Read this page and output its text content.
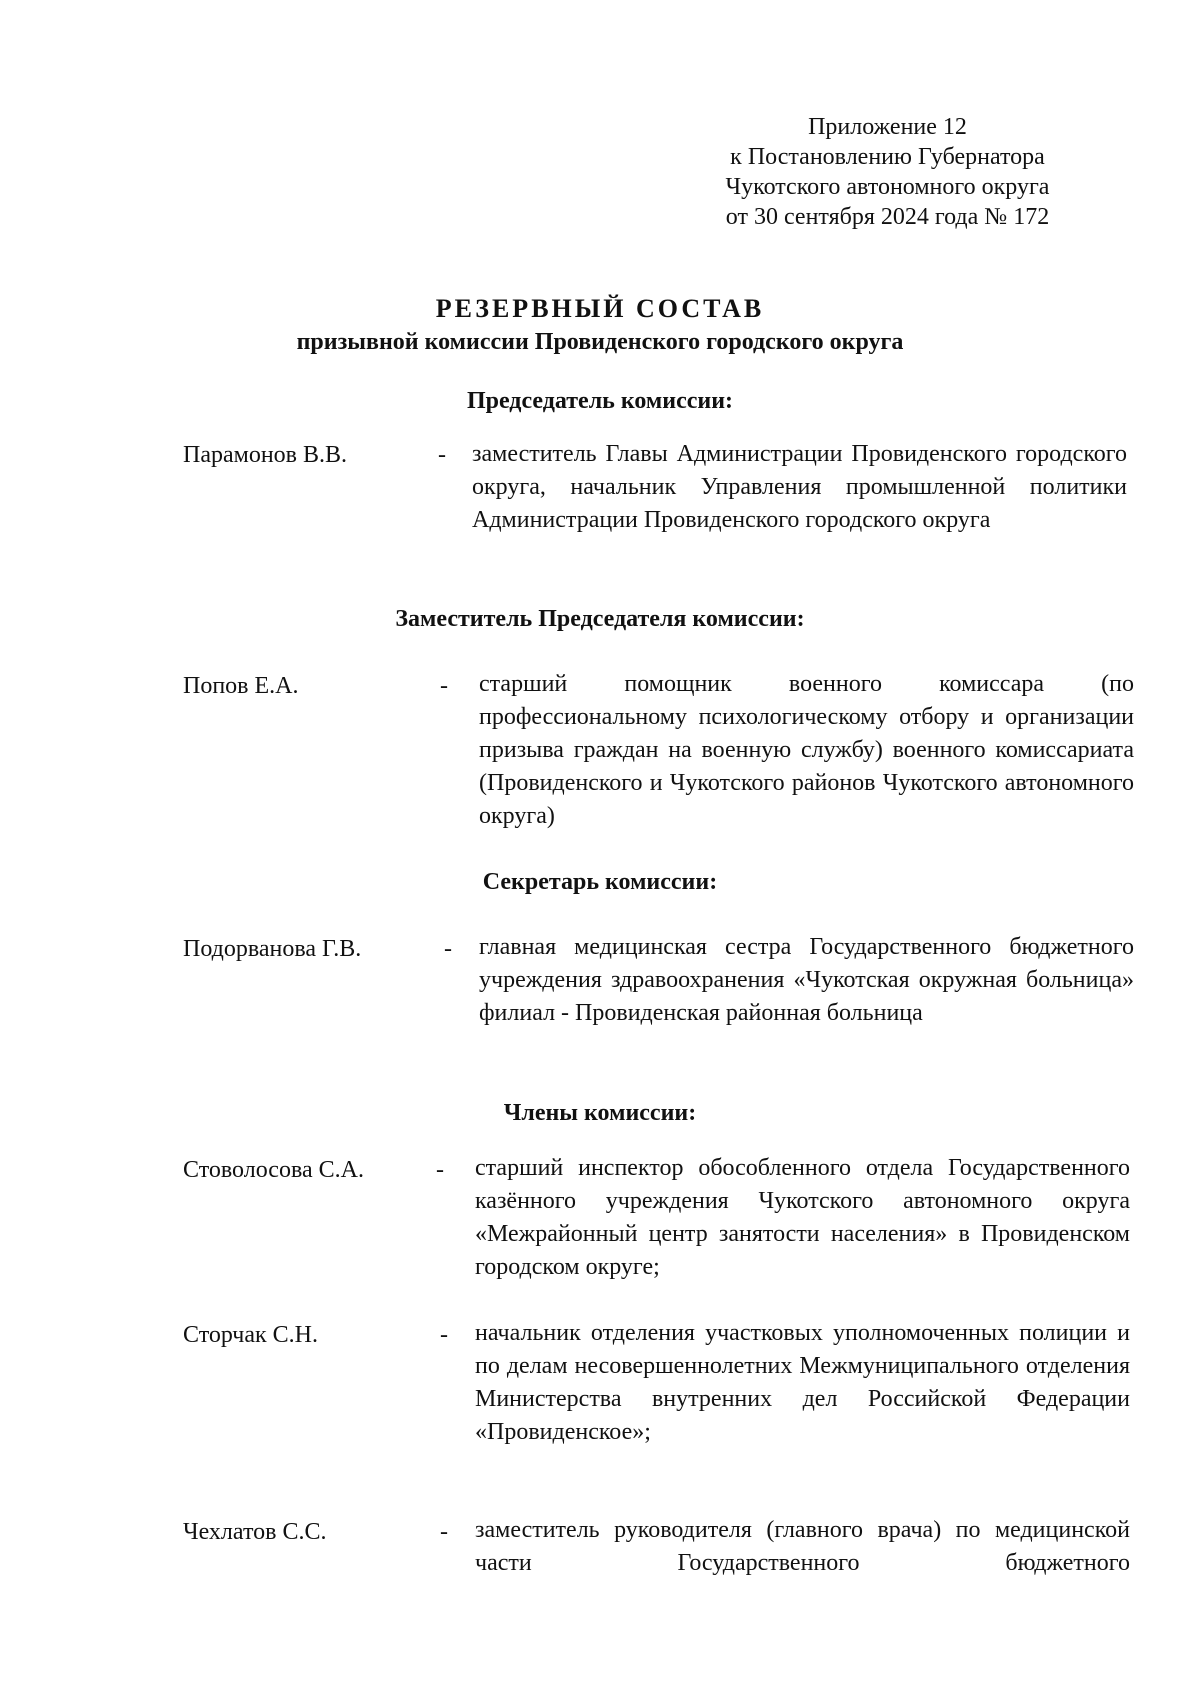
Приложение 12
к Постановлению Губернатора
Чукотского автономного округа
от 30 сентября 2024 года № 172
РЕЗЕРВНЫЙ СОСТАВ
призывной комиссии Провиденского городского округа
Председатель комиссии:
Парамонов В.В.	- заместитель Главы Администрации Провиденского городского округа, начальник Управления промышленной политики Администрации Провиденского городского округа
Заместитель Председателя комиссии:
Попов Е.А.	- старший помощник военного комиссара (по профессиональному психологическому отбору и организации призыва граждан на военную службу) военного комиссариата (Провиденского и Чукотского районов Чукотского автономного округа)
Секретарь комиссии:
Подорванова Г.В.	- главная медицинская сестра Государственного бюджетного учреждения здравоохранения «Чукотская окружная больница» филиал - Провиденская районная больница
Члены комиссии:
Стоволосова С.А.	- старший инспектор обособленного отдела Государственного казённого учреждения Чукотского автономного округа «Межрайонный центр занятости населения» в Провиденском городском округе;
Сторчак С.Н.	- начальник отделения участковых уполномоченных полиции и по делам несовершеннолетних Межмуниципального отделения Министерства внутренних дел Российской Федерации «Провиденское»;
Чехлатов С.С.	- заместитель руководителя (главного врача) по медицинской части Государственного бюджетного
